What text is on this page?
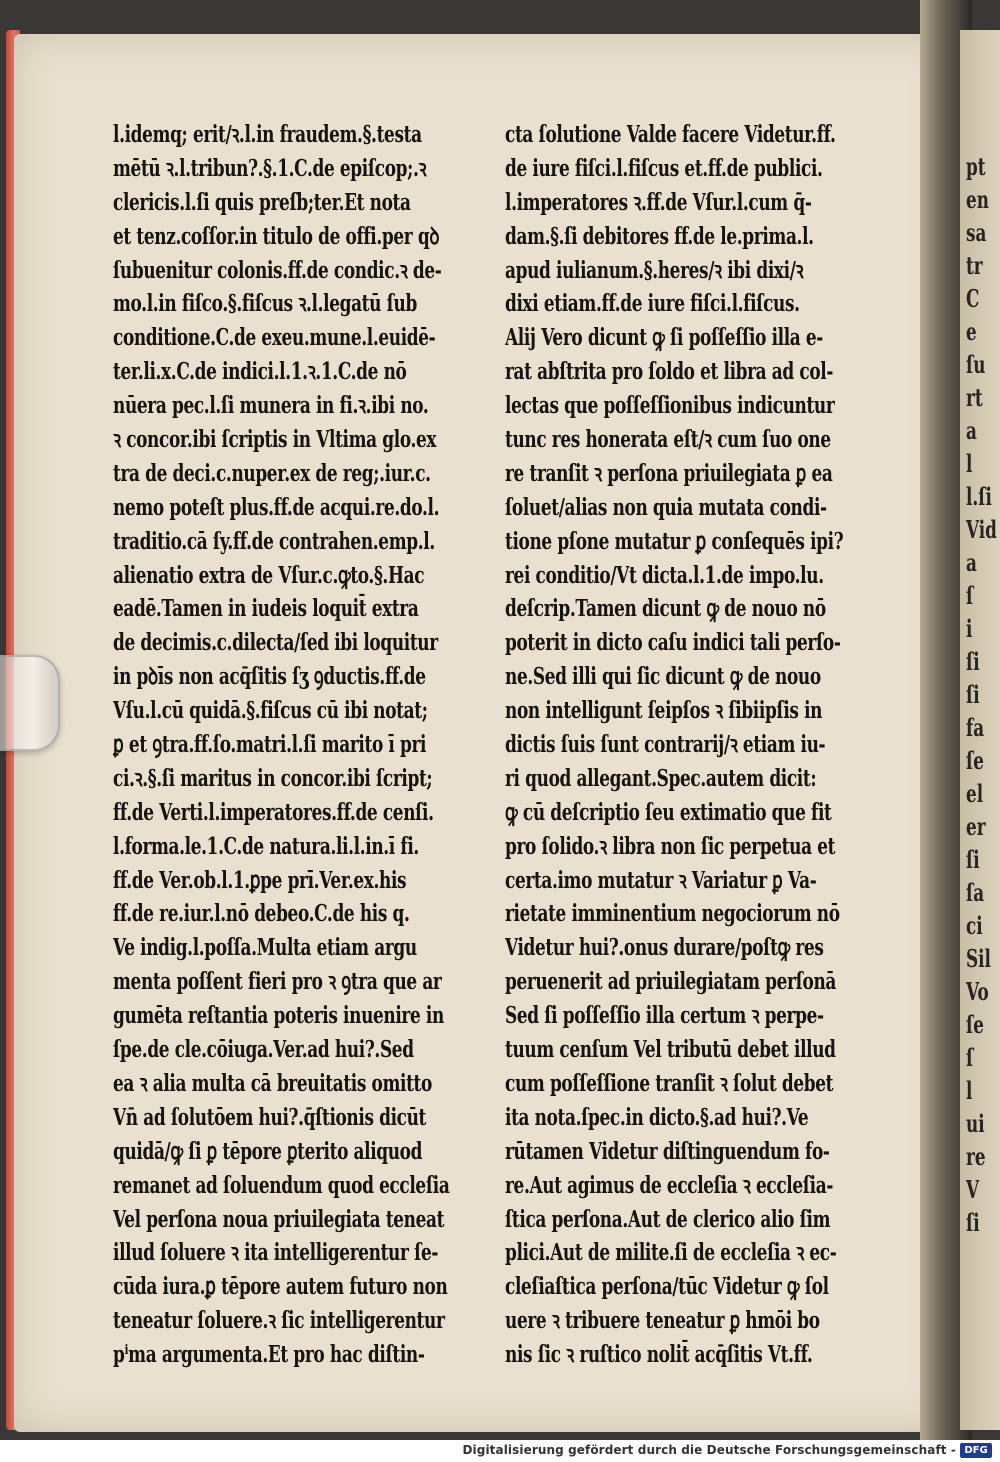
pt
en
sa
tr
C
e
ſu
rt
a
l
l.ſi
Vid
a
ſ
i
ſi
ſi
fa
ſe
el
er
ſi
ſa
ci
Sil
Vo
ſe
ſ
l
ui
re
V
ſi
l.idemq; erit/ꝛ.l.in fraudem.§.testa
mētū ꝛ.l.tribun?.§.1.C.de epiſcop;.ꝛ
clericis.l.ſi quis preſb;ter.Et nota
et tenz.coſſor.in titulo de offi.per qꝺ
ſubuenitur colonis.ff.de condic.ꝛ de-
mo.l.in fiſco.§.fiſcus ꝛ.l.legatū ſub
conditione.C.de exeu.mune.l.euidē-
ter.li.x.C.de indici.l.1.ꝛ.1.C.de nō
nūera pec.l.ſi munera in fi.ꝛ.ibi no.
ꝛ concor.ibi ſcriptis in Vltima glo.ex
tra de deci.c.nuper.ex de reg;.iur.c.
nemo poteſt plus.ff.de acqui.re.do.l.
traditio.cā ſy.ff.de contrahen.emp.l.
alienatio extra de Vſur.c.ꝙto.§.Hac
eadē.Tamen in iudeis loquit̄ extra
de decimis.c.dilecta/ſed ibi loquitur
in pꝺīs non acq̄ſitis ſʒ ꝯductis.ff.de
Vſu.l.cū quidā.§.fiſcus cū ibi notat;
ꝑ et ꝯtra.ff.ſo.matri.l.ſi marito ī pri
ci.ꝛ.§.ſi maritus in concor.ibi ſcript;
ff.de Verti.l.imperatores.ff.de cenſi.
l.forma.le.1.C.de natura.li.l.in.ī fi.
ff.de Ver.ob.l.1.ꝑpe prī.Ver.ex.his
ff.de re.iur.l.nō debeo.C.de his q.
Ve indig.l.poſſa.Multa etiam argu
menta poſſent fieri pro ꝛ ꝯtra que ar
gumēta reſtantia poteris inuenire in
ſpe.de cle.cōiuga.Ver.ad hui?.Sed
ea ꝛ alia multa cā breuitatis omitto
Vn̄ ad ſolutōem hui?.q̄ſtionis dicūt
quidā/ꝙ ſi ꝑ tēpore ꝑterito aliquod
remanet ad ſoluendum quod eccleſia
Vel perſona noua priuilegiata teneat
illud ſoluere ꝛ ita intelligerentur ſe-
cūda iura.ꝑ tēpore autem futuro non
teneatur ſoluere.ꝛ ſic intelligerentur
pⁱma argumenta.Et pro hac diſtin-
cta ſolutione Valde facere Videtur.ff.
de iure fiſci.l.fiſcus et.ff.de publici.
l.imperatores ꝛ.ff.de Vſur.l.cum q̄-
dam.§.ſi debitores ff.de le.prima.l.
apud iulianum.§.heres/ꝛ ibi dixi/ꝛ
dixi etiam.ff.de iure fiſci.l.fiſcus.
Alij Vero dicunt ꝙ ſi poſſeſſio illa e-
rat abſtrita pro ſoldo et libra ad col-
lectas que poſſeſſionibus indicuntur
tunc res honerata eſt/ꝛ cum ſuo one
re tranſit ꝛ perſona priuilegiata ꝑ ea
ſoluet/alias non quia mutata condi-
tione pſone mutatur ꝑ conſequēs ipi?
rei conditio/Vt dicta.l.1.de impo.lu.
deſcrip.Tamen dicunt ꝙ de nouo nō
poterit in dicto caſu indici tali perſo-
ne.Sed illi qui ſic dicunt ꝙ de nouo
non intelligunt ſeipſos ꝛ ſibiipſis in
dictis ſuis ſunt contrarij/ꝛ etiam iu-
ri quod allegant.Spec.autem dicit:
ꝙ cū deſcriptio ſeu extimatio que fit
pro ſolido.ꝛ libra non ſic perpetua et
certa.imo mutatur ꝛ Variatur ꝑ Va-
rietate imminentium negociorum nō
Videtur hui?.onus durare/poſtꝙ res
peruenerit ad priuilegiatam perſonā
Sed ſi poſſeſſio illa certum ꝛ perpe-
tuum cenſum Vel tributū debet illud
cum poſſeſſione tranſit ꝛ ſolut debet
ita nota.ſpec.in dicto.§.ad hui?.Ve
rūtamen Videtur diſtinguendum fo-
re.Aut agimus de eccleſia ꝛ eccleſia-
ſtica perſona.Aut de clerico alio ſim
plici.Aut de milite.ſi de eccleſia ꝛ ec-
cleſiaſtica perſona/tūc Videtur ꝙ ſol
uere ꝛ tribuere teneatur ꝑ hmōi bo
nis ſic ꝛ ruſtico nolit̄ acq̄ſitis Vt.ff.
Digitalisierung gefördert durch die Deutsche Forschungsgemeinschaft - DFG
